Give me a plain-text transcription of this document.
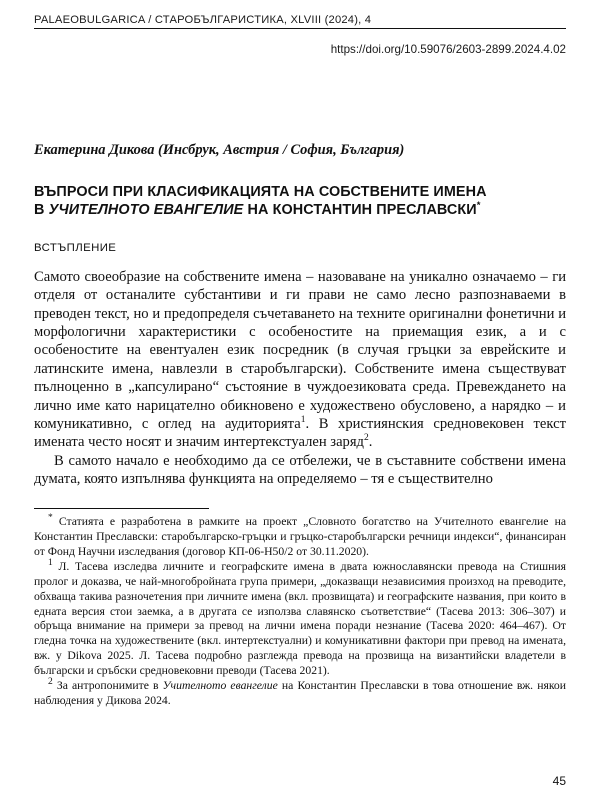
PALAEOBULGARICA / СТАРОБЪЛГАРИСТИКА, XLVIII (2024), 4
https://doi.org/10.59076/2603-2899.2024.4.02
Екатерина Дикова (Инсбрук, Австрия / София, България)
ВЪПРОСИ ПРИ КЛАСИФИКАЦИЯТА НА СОБСТВЕНИТЕ ИМЕНА
В УЧИТЕЛНОТО ЕВАНГЕЛИЕ НА КОНСТАНТИН ПРЕСЛАВСКИ*
ВСТЪПЛЕНИЕ

Самото своеобразие на собствените имена – назоваване на уникално означаемо – ги отделя от останалите субстантиви и ги прави не само лесно разпознаваеми в преводен текст, но и предопределя съчетаването на техните оригинални фонетични и морфологични характеристики с особеностите на приемащия език, а и с особеностите на евентуален език посредник (в случая гръцки за еврейските и латинските имена, навлезли в старобългарски). Собствените имена съществуват пълноценно в „капсулирано“ състояние в чуждоезиковата среда. Превеждането на лично име като нарицателно обикновено е художествено обусловено, а нарядко – и комуникативно, с оглед на аудиторията$^1$. В християнския средновековен текст имената често носят и значим интертекстуален заряд$^2$.

В самото начало е необходимо да се отбележи, че в съставните собствени имена думата, която изпълнява функцията на определяемо – тя е съществително

* Статията е разработена в рамките на проект „Словното богатство на Учителното евангелие на Константин Преславски: старобългарско-гръцки и гръцко-старобългарски речници индекси“, финансиран от Фонд Научни изследвания (договор КП-06-Н50/2 от 30.11.2020).

$^1$ Л. Тасева изследва личните и географските имена в двата южнославянски превода на Стишния пролог и доказва, че най-многобройната група примери, „доказващи независимия произход на преводите, обхваща такива разночетения при личните имена (вкл. прозвищата) и географските названия, при които в едната версия стои заемка, а в другата се използва славянско съответствие“ (Тасева 2013: 306–307) и обръща внимание на примери за превод на лични имена поради незнание (Тасева 2020: 464–467). От гледна точка на художествените (вкл. интертекстуални) и комуникативни фактори при превод на имената, вж. у Dikova 2025. Л. Тасева подробно разглежда превода на прозвища на византийски владетели в български и сръбски средновековни преводи (Тасева 2021).

$^2$ За антропонимите в Учителното евангелие на Константин Преславски в това отношение вж. някои наблюдения у Дикова 2024.

45
